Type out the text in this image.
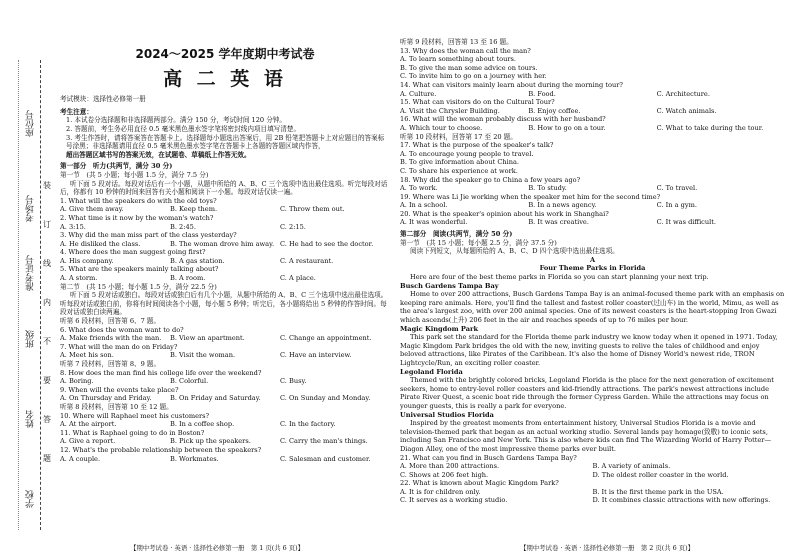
座位号
考场号
准考证号
班级
姓名
学校
装
订
线
内
不
要
答
题
2024～2025 学年度期中考试卷
高 二 英 语
考试模块：选择性必修第一册
考生注意：
1. 本试卷分选择题和非选择题两部分。满分 150 分，考试时间 120 分钟。
2. 答题前，考生务必用直径 0.5 毫米黑色墨水签字笔将密封线内项目填写清楚。
3. 考生作答时，请将答案答在答题卡上。选择题每小题选出答案后，用 2B 铅笔把答题卡上对应题目的答案标号涂黑；非选择题请用直径 0.5 毫米黑色墨水签字笔在答题卡上各题的答题区域内作答，
超出答题区域书写的答案无效，在试题卷、草稿纸上作答无效。
第一部分　听力(共两节，满分 30 分)
第一节　(共 5 小题；每小题 1.5 分，满分 7.5 分)
听下面 5 段对话。每段对话后有一个小题，从题中所给的 A、B、C 三个选项中选出最佳选项。听完每段对话后，你都有 10 秒钟的时间来回答有关小题和阅读下一小题。每段对话仅读一遍。
1. What will the speakers do with the old toys?
A. Give them away.	B. Keep them.	C. Throw them out.
2. What time is it now by the woman's watch?
A. 3:15.	B. 2:45.	C. 2:15.
3. Why did the man miss part of the class yesterday?
A. He disliked the class.	B. The woman drove him away. C. He had to see the doctor.
4. Where does the man suggest going first?
A. His company.	B. A gas station.	C. A restaurant.
5. What are the speakers mainly talking about?
A. A storm.	B. A room.	C. A place.
第二节　(共 15 小题；每小题 1.5 分，满分 22.5 分)
听下面 5 段对话或独白。每段对话或独白后有几个小题，从题中所给的 A、B、C 三个选项中选出最佳选项。听每段对话或独白前，你将有时间阅读各个小题，每小题 5 秒钟；听完后，各小题将给出 5 秒钟的作答时间。每段对话或独白读两遍。
听第 6 段材料，回答第 6、7 题。
6. What does the woman want to do?
A. Make friends with the man.	B. View an apartment.	C. Change an appointment.
7. What will the man do on Friday?
A. Meet his son.	B. Visit the woman.	C. Have an interview.
听第 7 段材料，回答第 8、9 题。
8. How does the man find his college life over the weekend?
A. Boring.	B. Colorful.	C. Busy.
9. When will the events take place?
A. On Thursday and Friday.	B. On Friday and Saturday.	C. On Sunday and Monday.
听第 8 段材料，回答第 10 至 12 题。
10. Where will Raphael meet his customers?
A. At the airport.	B. In a coffee shop.	C. In the factory.
11. What is Raphael going to do in Boston?
A. Give a report.	B. Pick up the speakers.	C. Carry the man's things.
12. What's the probable relationship between the speakers?
A. A couple.	B. Workmates.	C. Salesman and customer.
【期中考试卷 · 英语 · 选择性必修第一册　第 1 页(共 6 页)】
听第 9 段材料，回答第 13 至 16 题。
13. Why does the woman call the man?
A. To learn something about tours.
B. To give the man some advice on tours.
C. To invite him to go on a journey with her.
14. What can visitors mainly learn about during the morning tour?
A. Culture.	B. Food.	C. Architecture.
15. What can visitors do on the Cultural Tour?
A. Visit the Chrysler Building.	B. Enjoy coffee.	C. Watch animals.
16. What will the woman probably discuss with her husband?
A. Which tour to choose.	B. How to go on a tour.	C. What to take during the tour.
听第 10 段材料，回答第 17 至 20 题。
17. What is the purpose of the speaker's talk?
A. To encourage young people to travel.
B. To give information about China.
C. To share his experience at work.
18. Why did the speaker go to China a few years ago?
A. To work.	B. To study.	C. To travel.
19. Where was Li Jie working when the speaker met him for the second time?
A. In a school.	B. In a news agency.	C. In a gym.
20. What is the speaker's opinion about his work in Shanghai?
A. It was wonderful.	B. It was creative.	C. It was difficult.
第二部分　阅读(共两节，满分 50 分)
第一节　(共 15 小题；每小题 2.5 分，满分 37.5 分)
阅读下列短文，从每题所给的 A、B、C、D 四个选项中选出最佳选项。
A
Four Theme Parks in Florida
Here are four of the best theme parks in Florida so you can start planning your next trip.
Busch Gardens Tampa Bay
Home to over 200 attractions, Busch Gardens Tampa Bay is an animal-focused theme park with an emphasis on keeping rare animals. Here, you'll find the tallest and fastest roller coaster(过山车) in the world, Mimu, as well as the area's largest zoo, with over 200 animal species. One of its newest coasters is the heart-stopping Iron Gwazi which ascends(上升) 206 feet in the air and reaches speeds of up to 76 miles per hour.
Magic Kingdom Park
This park set the standard for the Florida theme park industry we know today when it opened in 1971. Today, Magic Kingdom Park bridges the old with the new, inviting guests to relive the tales of childhood and enjoy beloved attractions, like Pirates of the Caribbean. It's also the home of Disney World's newest ride, TRON Lightcycle/Run, an exciting roller coaster.
Legoland Florida
Themed with the brightly colored bricks, Legoland Florida is the place for the next generation of excitement seekers, home to entry-level roller coasters and kid-friendly attractions. The park's newest attractions include Pirate River Quest, a scenic boat ride through the former Cypress Garden. While the attractions may focus on younger guests, this is really a park for everyone.
Universal Studios Florida
Inspired by the greatest moments from entertainment history, Universal Studios Florida is a movie and television-themed park that began as an actual working studio. Several lands pay homage(致敬) to iconic sets, including San Francisco and New York. This is also where kids can find The Wizarding World of Harry Potter—Diagon Alley, one of the most impressive theme parks ever built.
21. What can you find in Busch Gardens Tampa Bay?
A. More than 200 attractions.	B. A variety of animals.
C. Shows at 206 feet high.	D. The oldest roller coaster in the world.
22. What is known about Magic Kingdom Park?
A. It is for children only.	B. It is the first theme park in the USA.
C. It serves as a working studio.	D. It combines classic attractions with new offerings.
【期中考试卷 · 英语 · 选择性必修第一册　第 2 页(共 6 页)】
